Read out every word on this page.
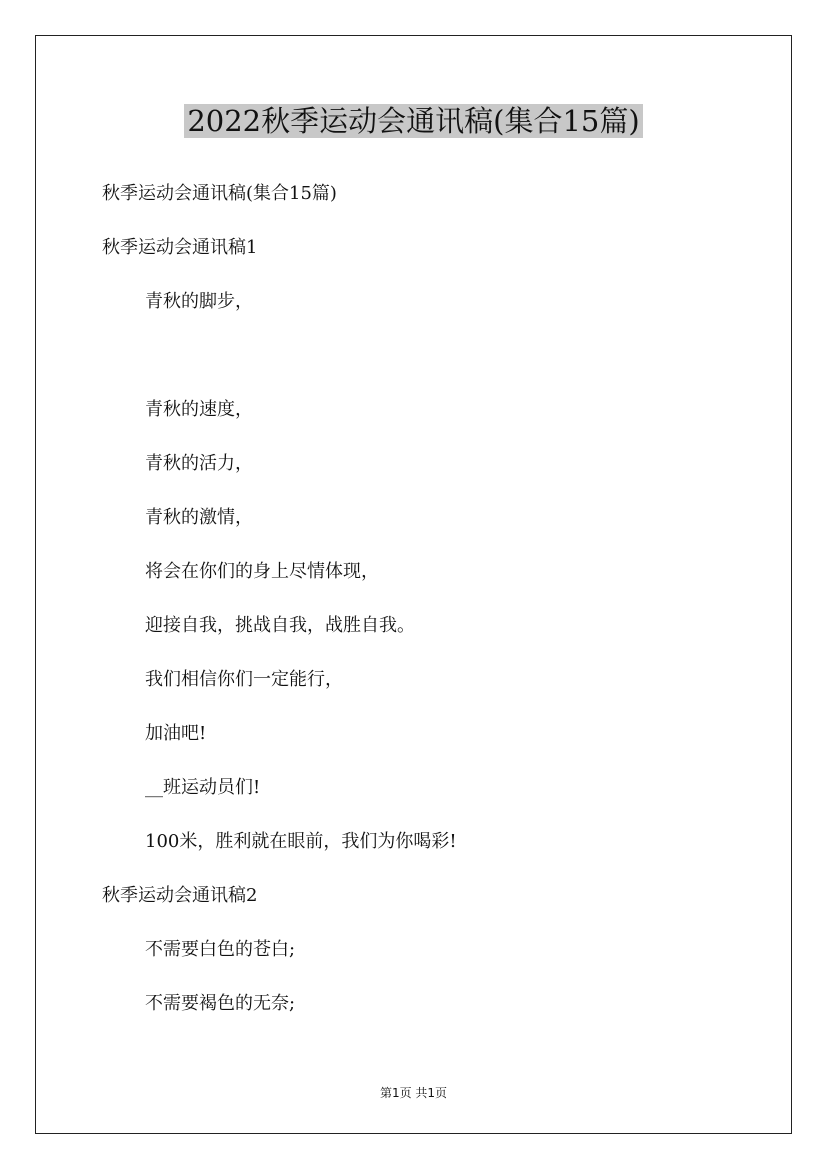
2022秋季运动会通讯稿(集合15篇)
秋季运动会通讯稿(集合15篇)
秋季运动会通讯稿1
青秋的脚步，
青秋的速度，
青秋的活力，
青秋的激情，
将会在你们的身上尽情体现，
迎接自我，挑战自我，战胜自我。
我们相信你们一定能行，
加油吧!
__班运动员们!
100米，胜利就在眼前，我们为你喝彩!
秋季运动会通讯稿2
不需要白色的苍白;
不需要褐色的无奈;
第1页 共1页
